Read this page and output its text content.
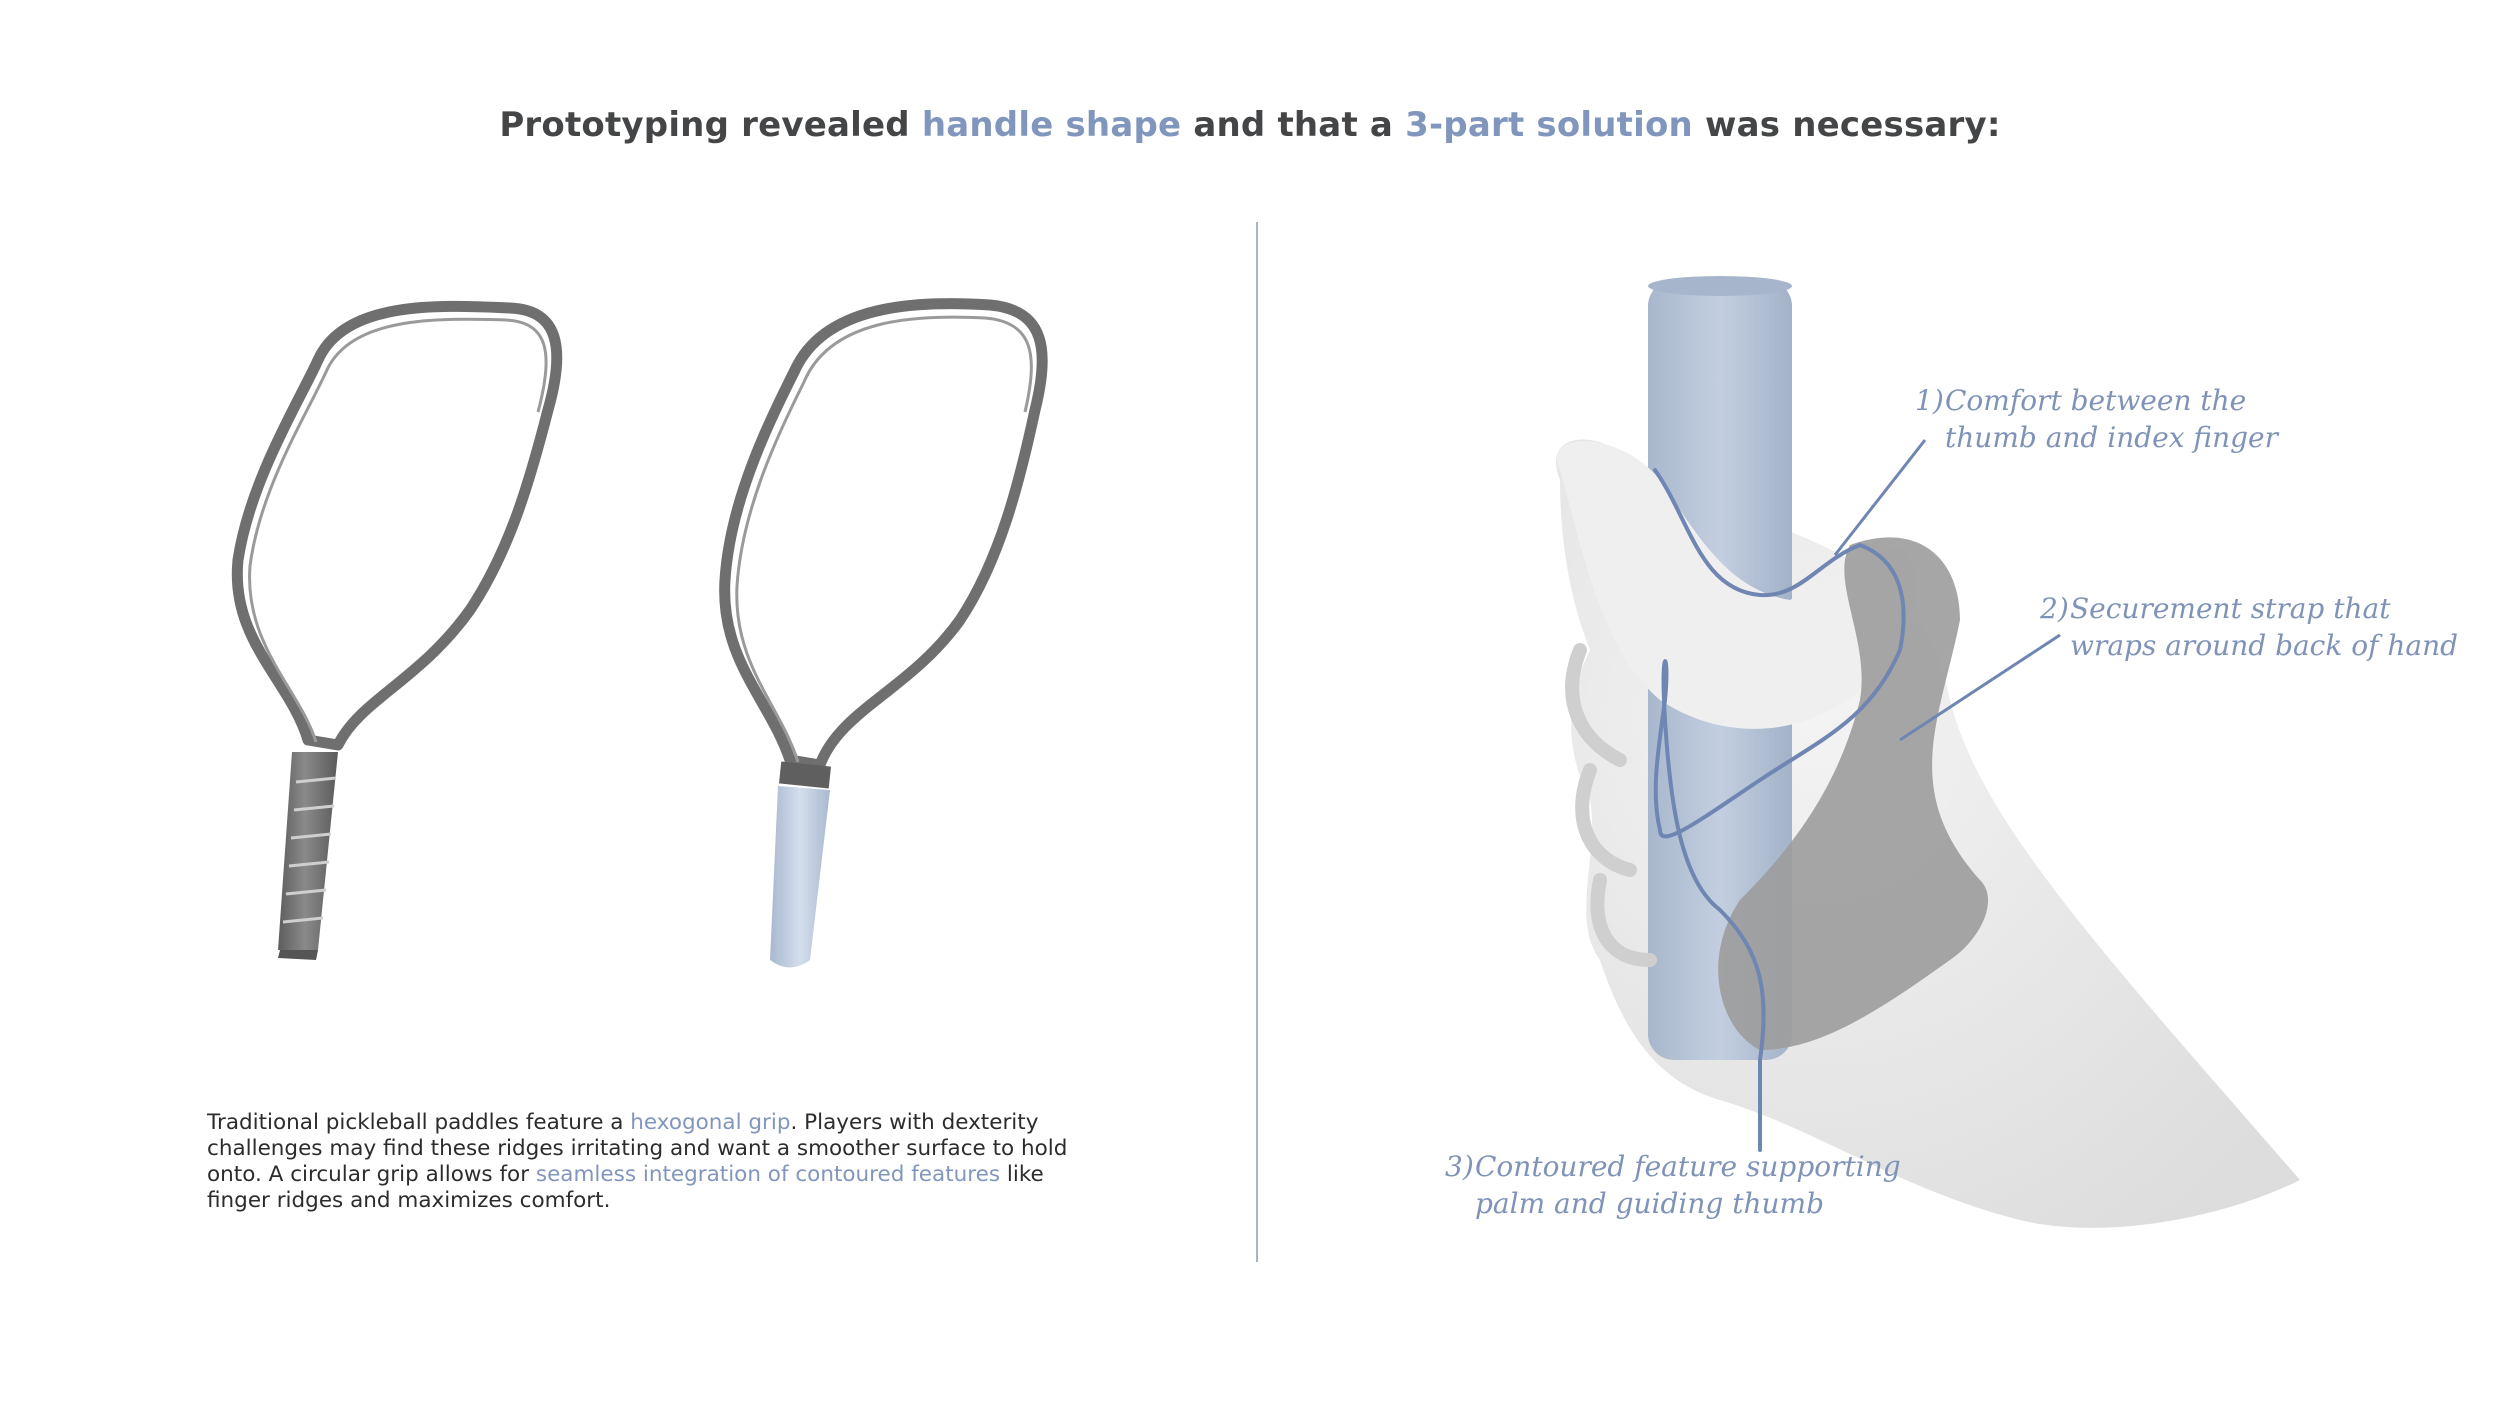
Prototyping revealed handle shape and that a 3-part solution was necessary:

Traditional pickleball paddles feature a hexogonal grip. Players with dexterity challenges may find these ridges irritating and want a smoother surface to hold onto. A circular grip allows for seamless integration of contoured features like finger ridges and maximizes comfort.

1)Comfort between the
thumb and index finger
2)Securement strap that
wraps around back of hand
3)Contoured feature supporting
palm and guiding thumb
